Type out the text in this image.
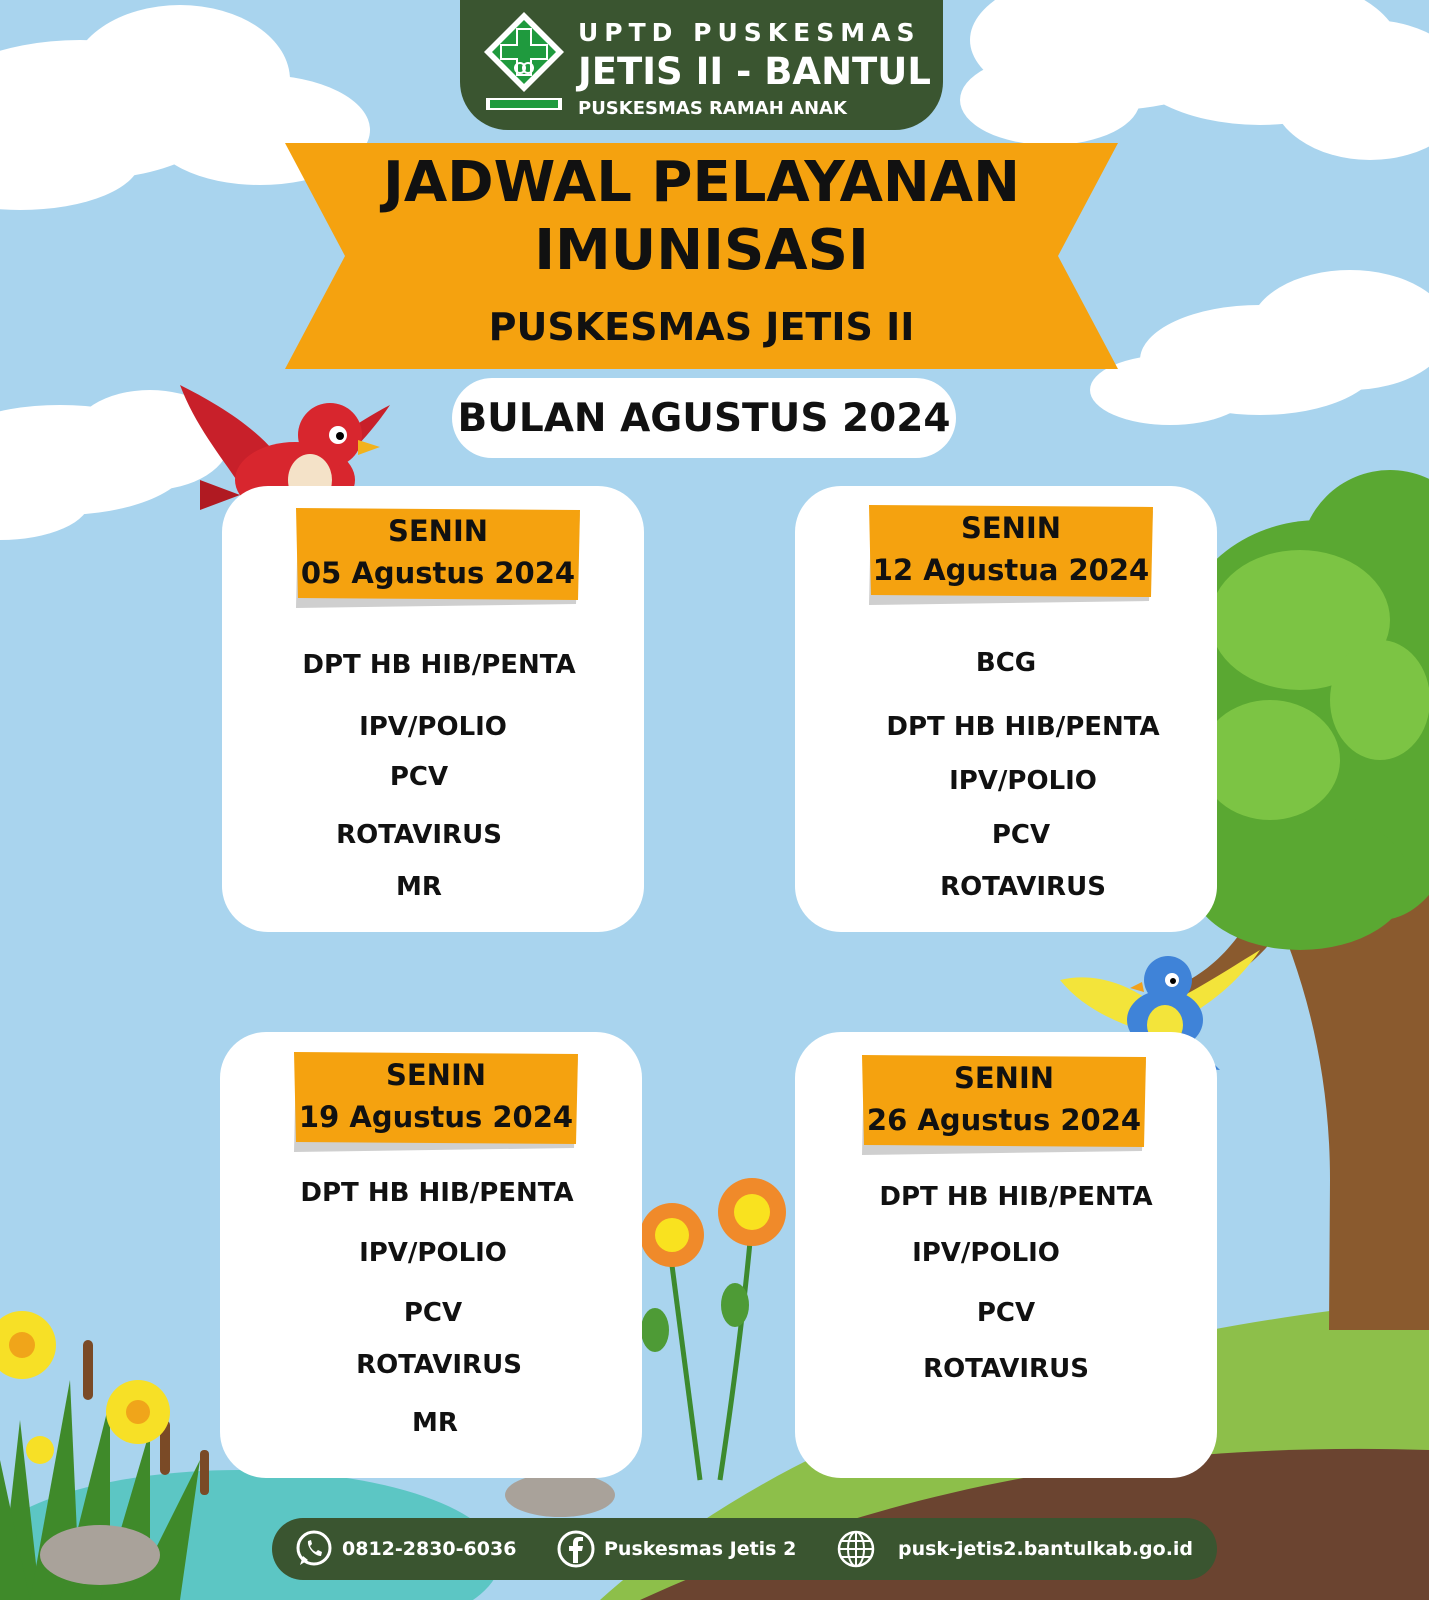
UPTD PUSKESMAS
JETIS II - BANTUL
PUSKESMAS RAMAH ANAK
JADWAL PELAYANAN
IMUNISASI
PUSKESMAS JETIS II
BULAN AGUSTUS 2024
SENIN
05 Agustus 2024
DPT HB HIB/PENTA
IPV/POLIO
PCV
ROTAVIRUS
MR
SENIN
12 Agustua 2024
BCG
DPT HB HIB/PENTA
IPV/POLIO
PCV
ROTAVIRUS
SENIN
19 Agustus 2024
DPT HB HIB/PENTA
IPV/POLIO
PCV
ROTAVIRUS
MR
SENIN
26 Agustus 2024
DPT HB HIB/PENTA
IPV/POLIO
PCV
ROTAVIRUS
0812-2830-6036	Puskesmas Jetis 2	pusk-jetis2.bantulkab.go.id
